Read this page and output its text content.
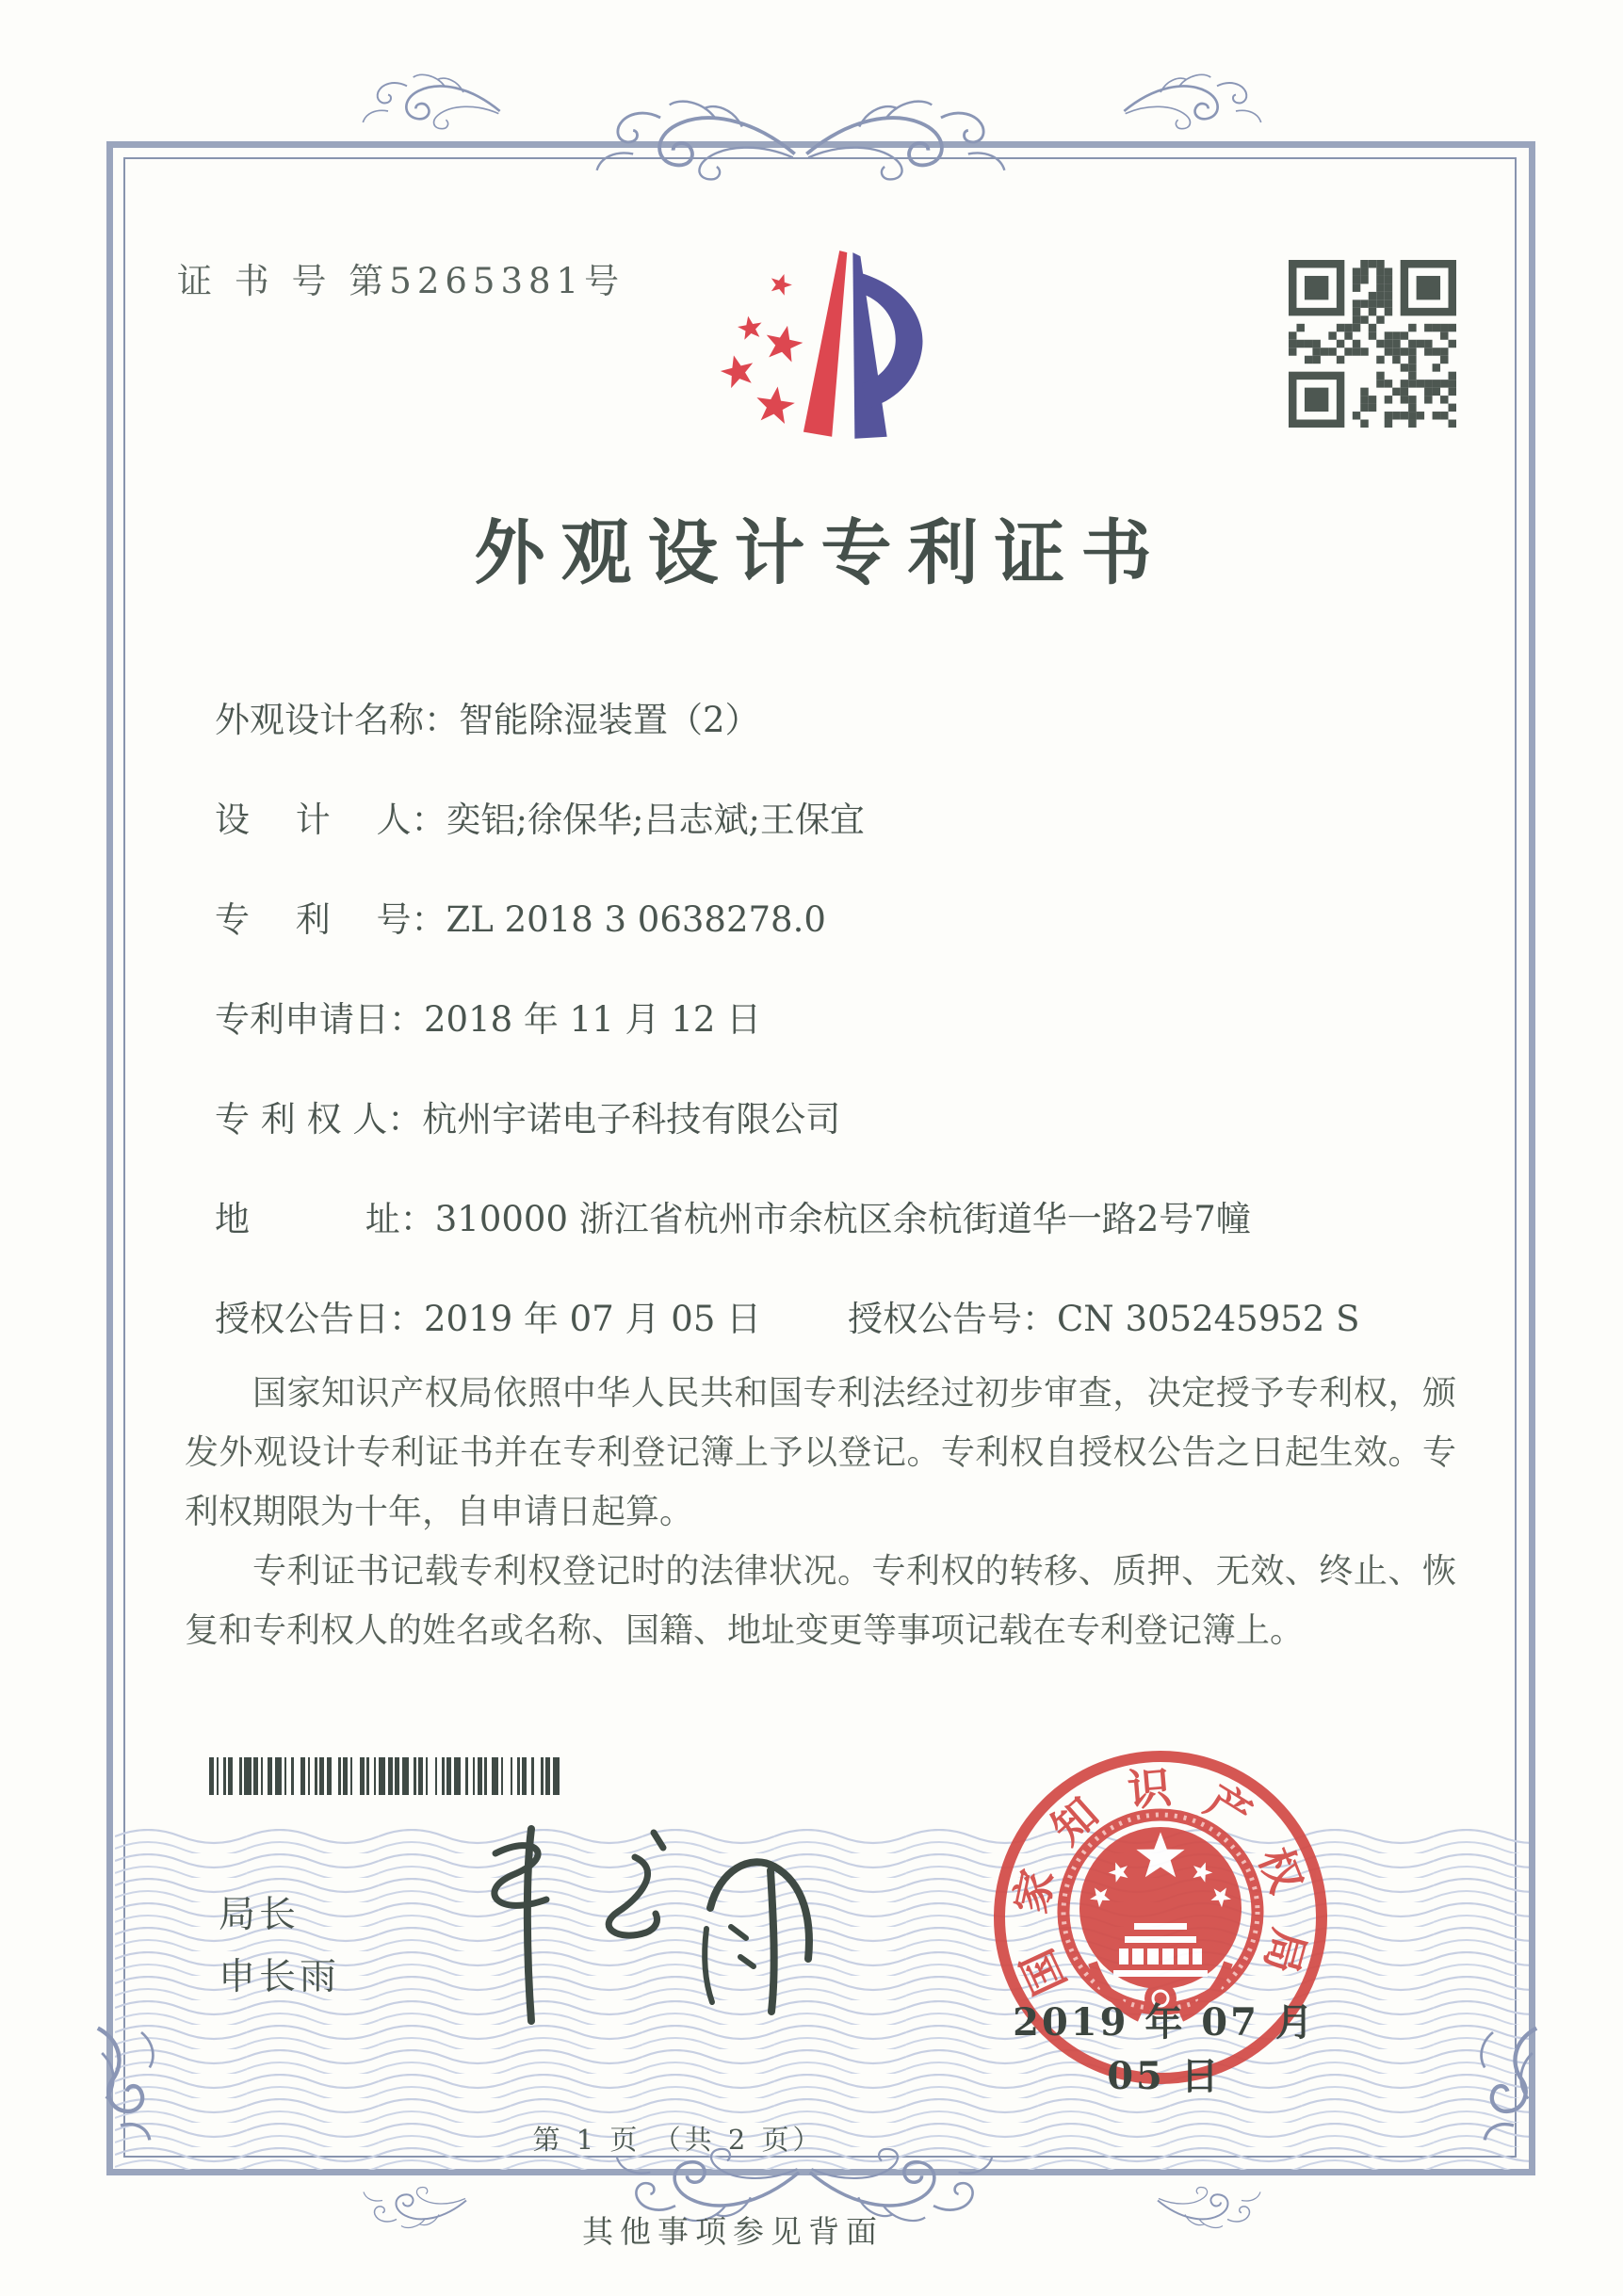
证 书 号 第5265381号
外观设计专利证书
外观设计名称：智能除湿装置（2）
设　 计　 人：奕铝;徐保华;吕志斌;王保宜
专　 利　 号：ZL 2018 3 0638278.0
专利申请日：2018 年 11 月 12 日
专 利 权 人：杭州宇诺电子科技有限公司
地　　　 址：310000 浙江省杭州市余杭区余杭街道华一路2号7幢
授权公告日：2019 年 07 月 05 日 授权公告号：CN 305245952 S

国家知识产权局依照中华人民共和国专利法经过初步审查，决定授予专利权，颁发外观设计专利证书并在专利登记簿上予以登记。专利权自授权公告之日起生效。专利权期限为十年，自申请日起算。

专利证书记载专利权登记时的法律状况。专利权的转移、质押、无效、终止、恢复和专利权人的姓名或名称、国籍、地址变更等事项记载在专利登记簿上。

局长
申长雨	国
家
知 识 产
权
局
2019 年 07 月 05 日
第 1 页 （共 2 页）
其他事项参见背面
